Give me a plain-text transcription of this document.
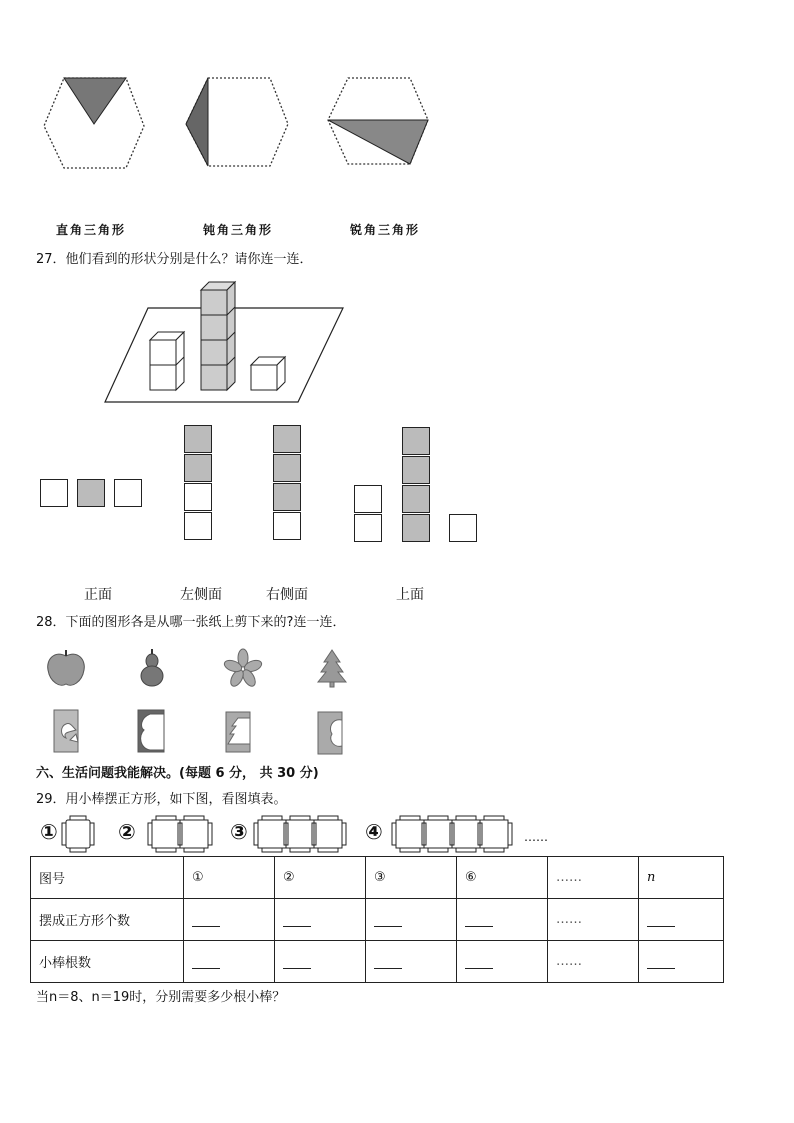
直角三角形	钝角三角形	锐角三角形
27．他们看到的形状分别是什么？请你连一连．
正面	左侧面	右侧面	上面
28．下面的图形各是从哪一张纸上剪下来的?连一连．
六、生活问题我能解决。(每题 6 分， 共 30 分)
29．用小棒摆正方形，如下图，看图填表。
①	②	③	④	……
图号	①	②	③	⑥	……	n
摆成正方形个数					……	
小棒根数					……	
当n＝8、n＝19时，分别需要多少根小棒？
